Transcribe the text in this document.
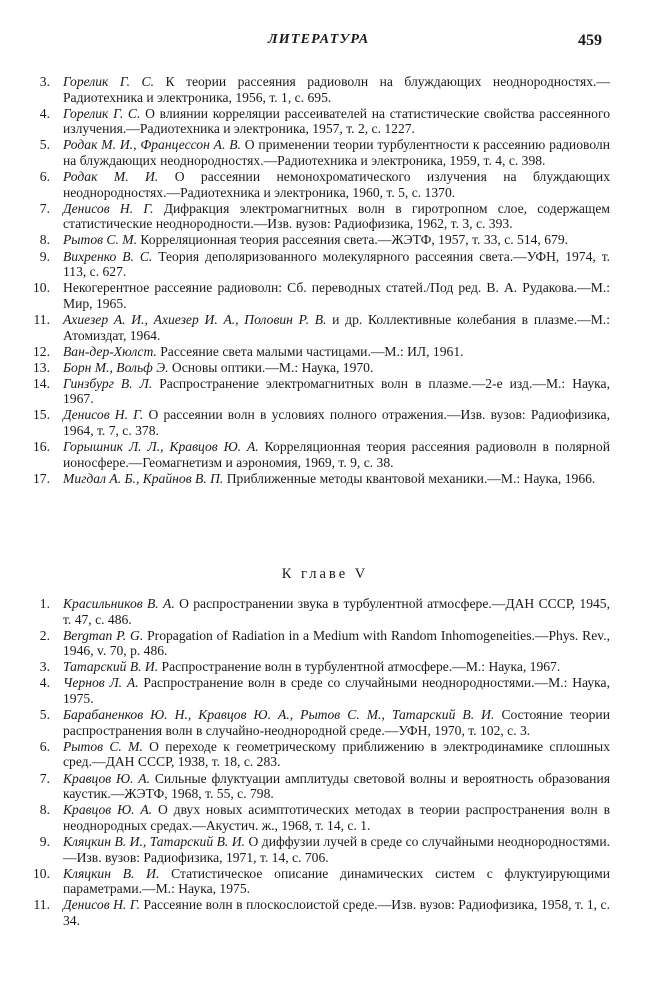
ЛИТЕРАТУРА	459
3. Горелик Г. С. К теории рассеяния радиоволн на блуждающих неоднородностях.—Радиотехника и электроника, 1956, т. 1, с. 695.
4. Горелик Г. С. О влиянии корреляции рассеивателей на статистические свойства рассеянного излучения.—Радиотехника и электроника, 1957, т. 2, с. 1227.
5. Родак М. И., Францессон А. В. О применении теории турбулентности к рассеянию радиоволн на блуждающих неоднородностях.—Радиотехника и электроника, 1959, т. 4, с. 398.
6. Родак М. И. О рассеянии немонохроматического излучения на блуждающих неоднородностях.—Радиотехника и электроника, 1960, т. 5, с. 1370.
7. Денисов Н. Г. Дифракция электромагнитных волн в гиротропном слое, содержащем статистические неоднородности.—Изв. вузов: Радиофизика, 1962, т. 3, с. 393.
8. Рытов С. М. Корреляционная теория рассеяния света.—ЖЭТФ, 1957, т. 33, с. 514, 679.
9. Вихренко В. С. Теория деполяризованного молекулярного рассеяния света.—УФН, 1974, т. 113, с. 627.
10. Некогерентное рассеяние радиоволн: Сб. переводных статей./Под ред. В. А. Рудакова.—М.: Мир, 1965.
11. Ахиезер А. И., Ахиезер И. А., Половин Р. В. и др. Коллективные колебания в плазме.—М.: Атомиздат, 1964.
12. Ван-дер-Хюлст. Рассеяние света малыми частицами.—М.: ИЛ, 1961.
13. Борн М., Вольф Э. Основы оптики.—М.: Наука, 1970.
14. Гинзбург В. Л. Распространение электромагнитных волн в плазме.—2-е изд.—М.: Наука, 1967.
15. Денисов Н. Г. О рассеянии волн в условиях полного отражения.—Изв. вузов: Радиофизика, 1964, т. 7, с. 378.
16. Горышник Л. Л., Кравцов Ю. А. Корреляционная теория рассеяния радиоволн в полярной ионосфере.—Геомагнетизм и аэрономия, 1969, т. 9, с. 38.
17. Мигдал А. Б., Крайнов В. П. Приближенные методы квантовой механики.—М.: Наука, 1966.
К главе V
1. Красильников В. А. О распространении звука в турбулентной атмосфере.—ДАН СССР, 1945, т. 47, с. 486.
2. Bergman P. G. Propagation of Radiation in a Medium with Random Inhomogeneities.—Phys. Rev., 1946, v. 70, p. 486.
3. Татарский В. И. Распространение волн в турбулентной атмосфере.—М.: Наука, 1967.
4. Чернов Л. А. Распространение волн в среде со случайными неоднородностями.—М.: Наука, 1975.
5. Барабаненков Ю. Н., Кравцов Ю. А., Рытов С. М., Татарский В. И. Состояние теории распространения волн в случайно-неоднородной среде.—УФН, 1970, т. 102, с. 3.
6. Рытов С. М. О переходе к геометрическому приближению в электродинамике сплошных сред.—ДАН СССР, 1938, т. 18, с. 283.
7. Кравцов Ю. А. Сильные флуктуации амплитуды световой волны и вероятность образования каустик.—ЖЭТФ, 1968, т. 55, с. 798.
8. Кравцов Ю. А. О двух новых асимптотических методах в теории распространения волн в неоднородных средах.—Акустич. ж., 1968, т. 14, с. 1.
9. Кляцкин В. И., Татарский В. И. О диффузии лучей в среде со случайными неоднородностями.—Изв. вузов: Радиофизика, 1971, т. 14, с. 706.
10. Кляцкин В. И. Статистическое описание динамических систем с флуктуирующими параметрами.—М.: Наука, 1975.
11. Денисов Н. Г. Рассеяние волн в плоскослоистой среде.—Изв. вузов: Радиофизика, 1958, т. 1, с. 34.
